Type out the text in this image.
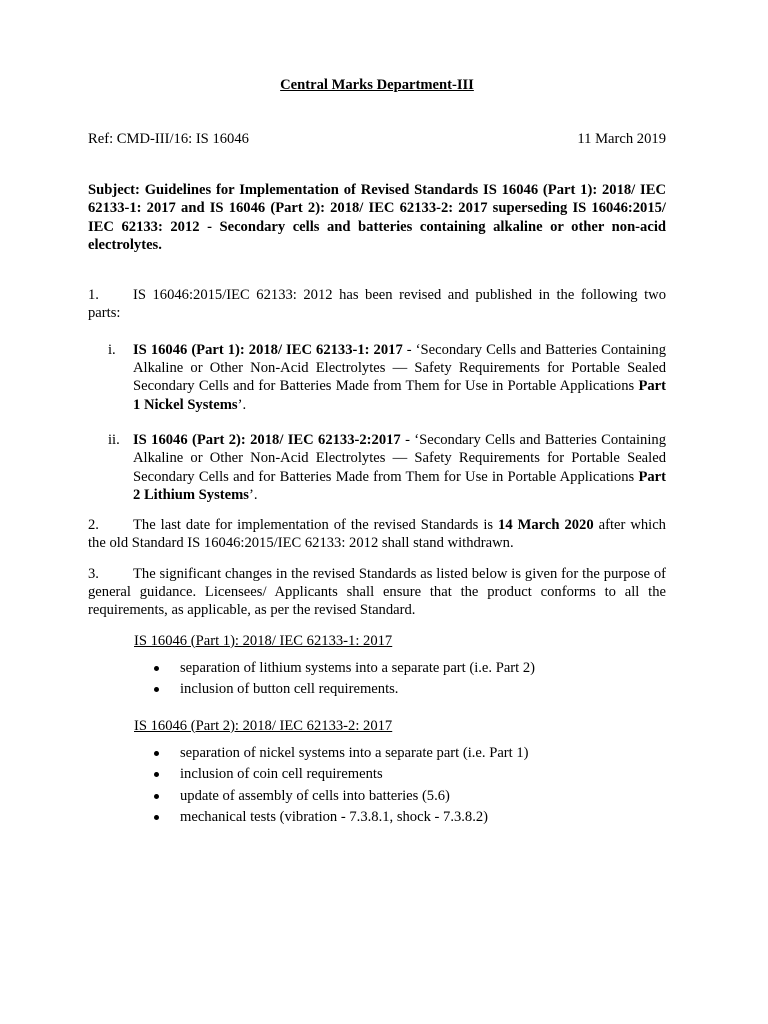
Central Marks Department-III

Ref: CMD-III/16: IS 16046	11 March 2019
Subject: Guidelines for Implementation of Revised Standards IS 16046 (Part 1): 2018/ IEC 62133-1: 2017 and IS 16046 (Part 2): 2018/ IEC 62133-2: 2017 superseding IS 16046:2015/ IEC 62133: 2012 - Secondary cells and batteries containing alkaline or other non-acid electrolytes.
1. IS 16046:2015/IEC 62133: 2012 has been revised and published in the following two parts:
i.	IS 16046 (Part 1): 2018/ IEC 62133-1: 2017 - ‘Secondary Cells and Batteries Containing Alkaline or Other Non-Acid Electrolytes — Safety Requirements for Portable Sealed Secondary Cells and for Batteries Made from Them for Use in Portable Applications Part 1 Nickel Systems’.
ii. IS 16046 (Part 2): 2018/ IEC 62133-2:2017 - ‘Secondary Cells and Batteries Containing Alkaline or Other Non-Acid Electrolytes — Safety Requirements for Portable Sealed Secondary Cells and for Batteries Made from Them for Use in Portable Applications Part 2 Lithium Systems’.
2. The last date for implementation of the revised Standards is 14 March 2020 after which the old Standard IS 16046:2015/IEC 62133: 2012 shall stand withdrawn.
3. The significant changes in the revised Standards as listed below is given for the purpose of general guidance. Licensees/ Applicants shall ensure that the product conforms to all the requirements, as applicable, as per the revised Standard.
IS 16046 (Part 1): 2018/ IEC 62133-1: 2017
separation of lithium systems into a separate part (i.e. Part 2)
inclusion of button cell requirements.
IS 16046 (Part 2): 2018/ IEC 62133-2: 2017
separation of nickel systems into a separate part (i.e. Part 1)
inclusion of coin cell requirements
update of assembly of cells into batteries (5.6)
mechanical tests (vibration - 7.3.8.1, shock - 7.3.8.2)
